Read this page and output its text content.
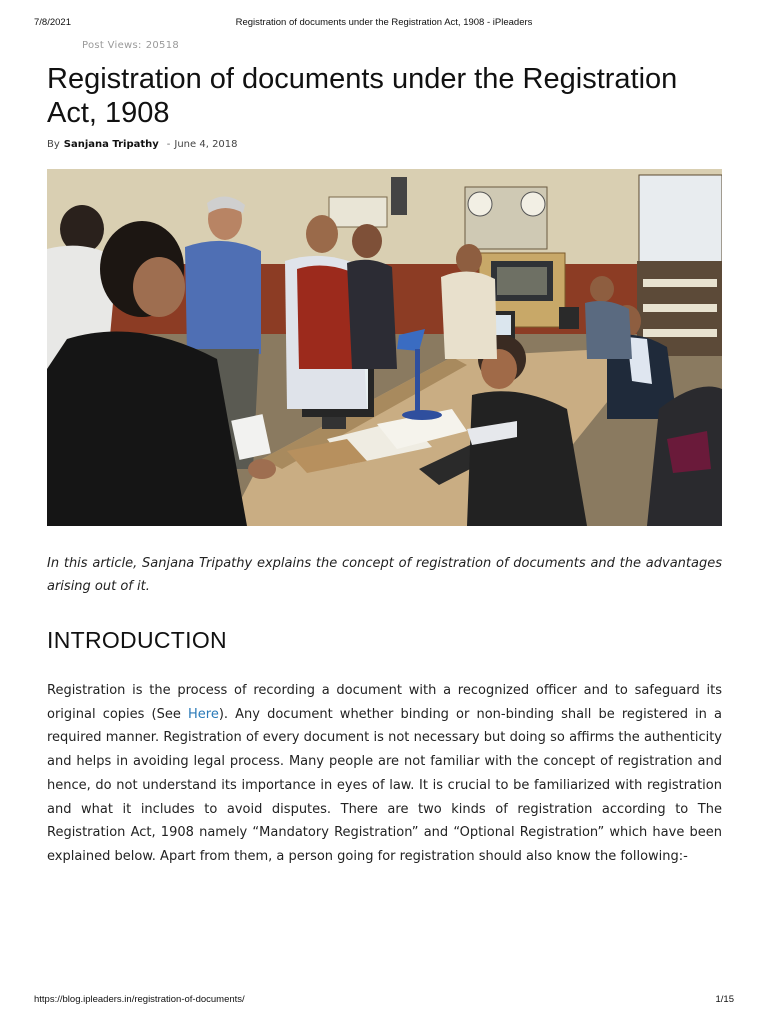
7/8/2021	Registration of documents under the Registration Act, 1908 - iPleaders
Post Views: 20518
Registration of documents under the Registration Act, 1908
By Sanjana Tripathy - June 4, 2018

In this article, Sanjana Tripathy explains the concept of registration of documents and the advantages arising out of it.

INTRODUCTION

Registration is the process of recording a document with a recognized officer and to safeguard its original copies (See Here). Any document whether binding or non-binding shall be registered in a required manner. Registration of every document is not necessary but doing so affirms the authenticity and helps in avoiding legal process. Many people are not familiar with the concept of registration and hence, do not understand its importance in eyes of law. It is crucial to be familiarized with registration and what it includes to avoid disputes. There are two kinds of registration according to The Registration Act, 1908 namely “Mandatory Registration” and “Optional Registration” which have been explained below. Apart from them, a person going for registration should also know the following:-

https://blog.ipleaders.in/registration-of-documents/	1/15
